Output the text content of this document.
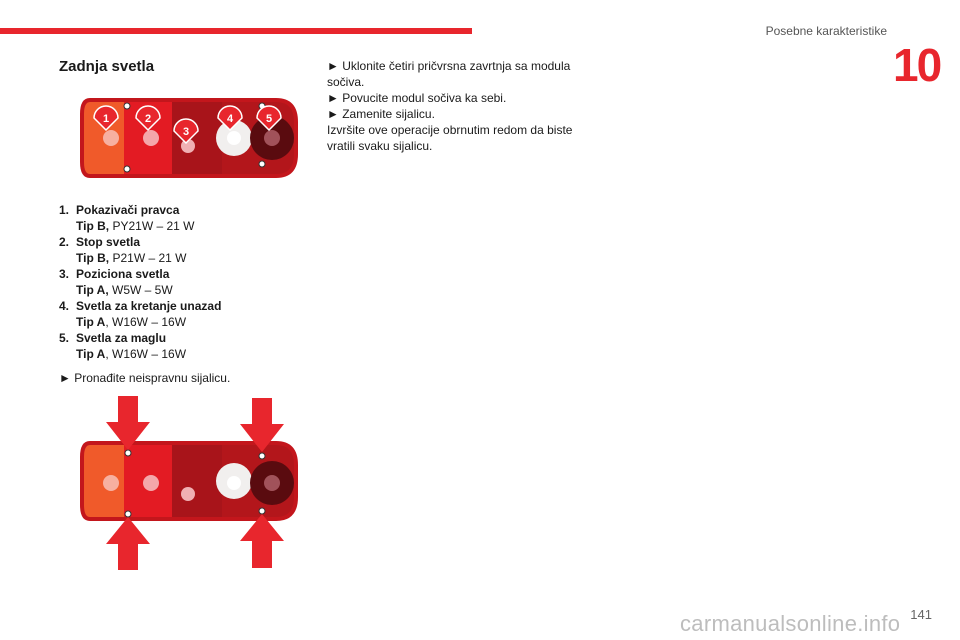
Posebne karakteristike
10
Zadnja svetla
1	2
3
4	5
1. Pokazivači pravca
Tip B, PY21W – 21 W
2. Stop svetla
Tip B, P21W – 21 W
3. Poziciona svetla
Tip A, W5W – 5W
4. Svetla za kretanje unazad
Tip A, W16W – 16W
5. Svetla za maglu
Tip A, W16W – 16W
► Pronađite neispravnu sijalicu.
► Uklonite četiri pričvrsna zavrtnja sa modula sočiva.
► Povucite modul sočiva ka sebi.
► Zamenite sijalicu.
Izvršite ove operacije obrnutim redom da biste vratili svaku sijalicu.
141
carmanualsonline.info
